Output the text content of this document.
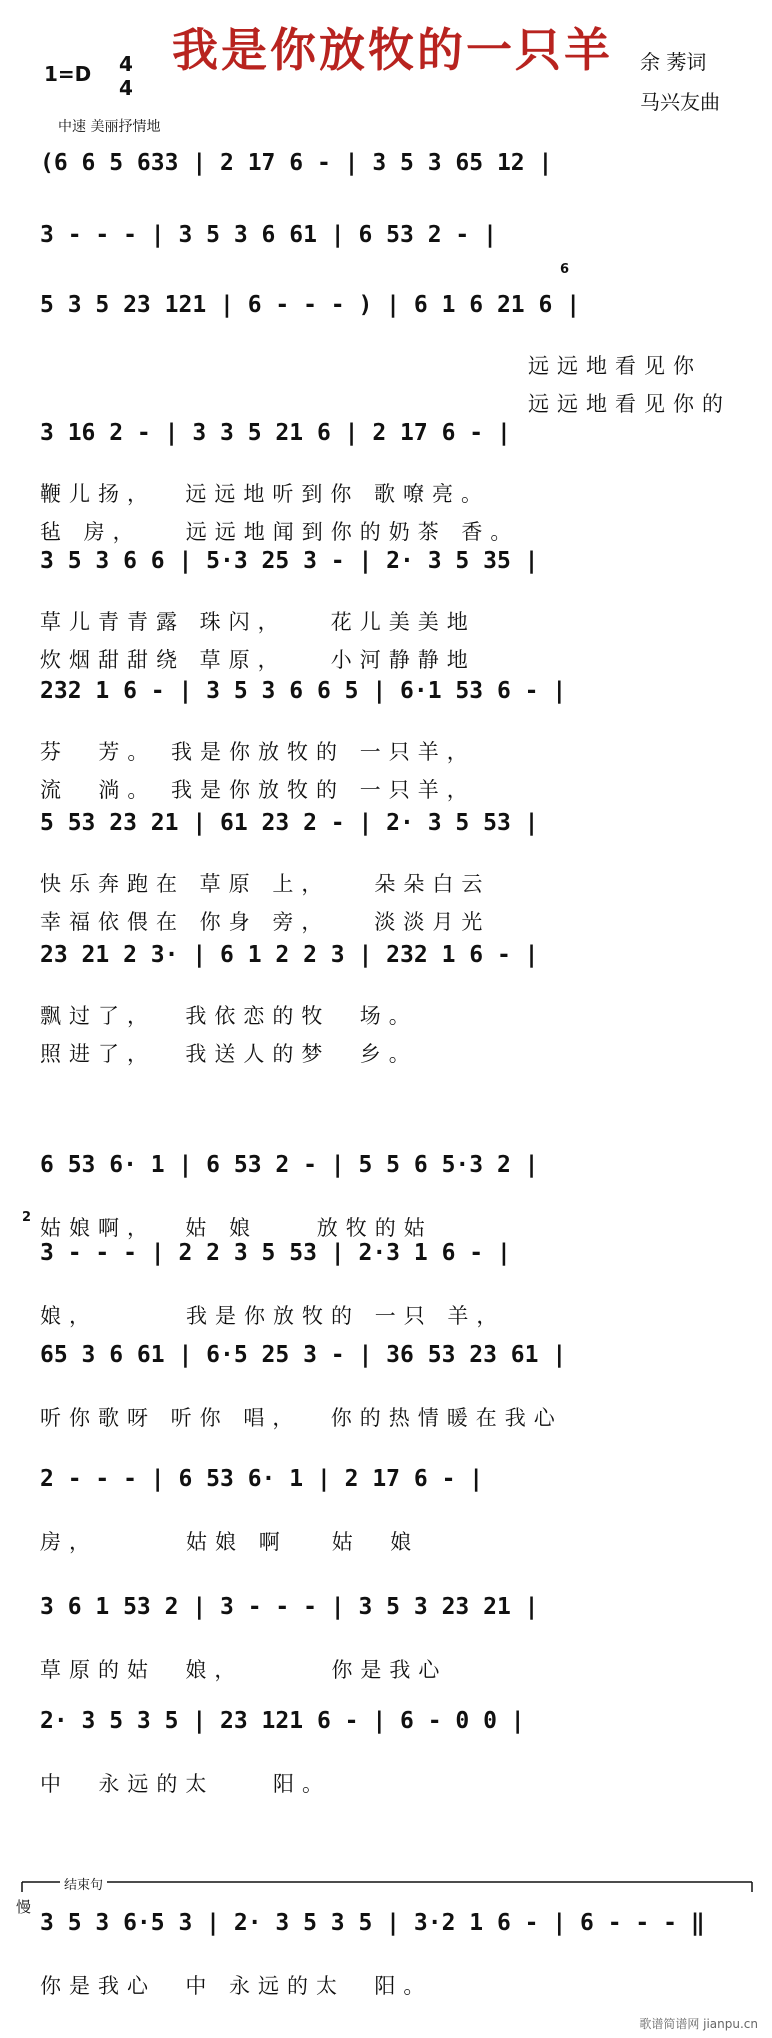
我是你放牧的一只羊
1=D 4
4
余 莠词
马兴友曲
中速 美丽抒情地
(6 6 5 633 | 2 17 6 - | 3 5 3 65 12 |
3 - - - | 3 5 3 6 61 | 6 53 2 - |
5 3 5 23 121 | 6 - - - ) | 6 1 6 21 6 |
远远地看见你
远远地看见你的
3 16 2 - | 3 3 5 21 6 | 2 17 6 - |
鞭儿扬，  远远地听到你 歌嘹亮。
毡 房，   远远地闻到你的奶茶 香。
3 5 3 6 6 | 5·3 25 3 - | 2· 3 5 35 |
草儿青青露 珠闪，   花儿美美地
炊烟甜甜绕 草原，   小河静静地
232 1 6 - | 3 5 3 6 6 5 | 6·1 53 6 - |
芬  芳。 我是你放牧的 一只羊，
流  淌。 我是你放牧的 一只羊，
5 53 23 21 | 61 23 2 - | 2· 3 5 53 |
快乐奔跑在 草原 上，   朵朵白云
幸福依偎在 你身 旁，   淡淡月光
23 21 2 3· | 6 1 2 2 3 | 232 1 6 - |
飘过了，  我依恋的牧  场。
照进了，  我送人的梦  乡。
6 53 6· 1 | 6 53 2 - | 5 5 6 5·3 2 |
姑娘啊，  姑 娘    放牧的姑
3 - - - | 2 2 3 5 53 | 2·3 1 6 - |
娘，      我是你放牧的 一只 羊，
65 3 6 61 | 6·5 25 3 - | 36 53 23 61 |
听你歌呀 听你 唱，  你的热情暖在我心
2 - - - | 6 53 6· 1 | 2 17 6 - |
房，      姑娘 啊   姑  娘
3 6 1 53 2 | 3 - - - | 3 5 3 23 21 |
草原的姑  娘，      你是我心
2· 3 5 3 5 | 23 121 6 - | 6 - 0 0 |
中  永远的太    阳。
3 5 3 6·5 3 | 2· 3 5 3 5 | 3·2 1 6 - | 6 - - - ‖
你是我心  中 永远的太  阳。
结束句
慢
2
6
歌谱简谱网 jianpu.cn
